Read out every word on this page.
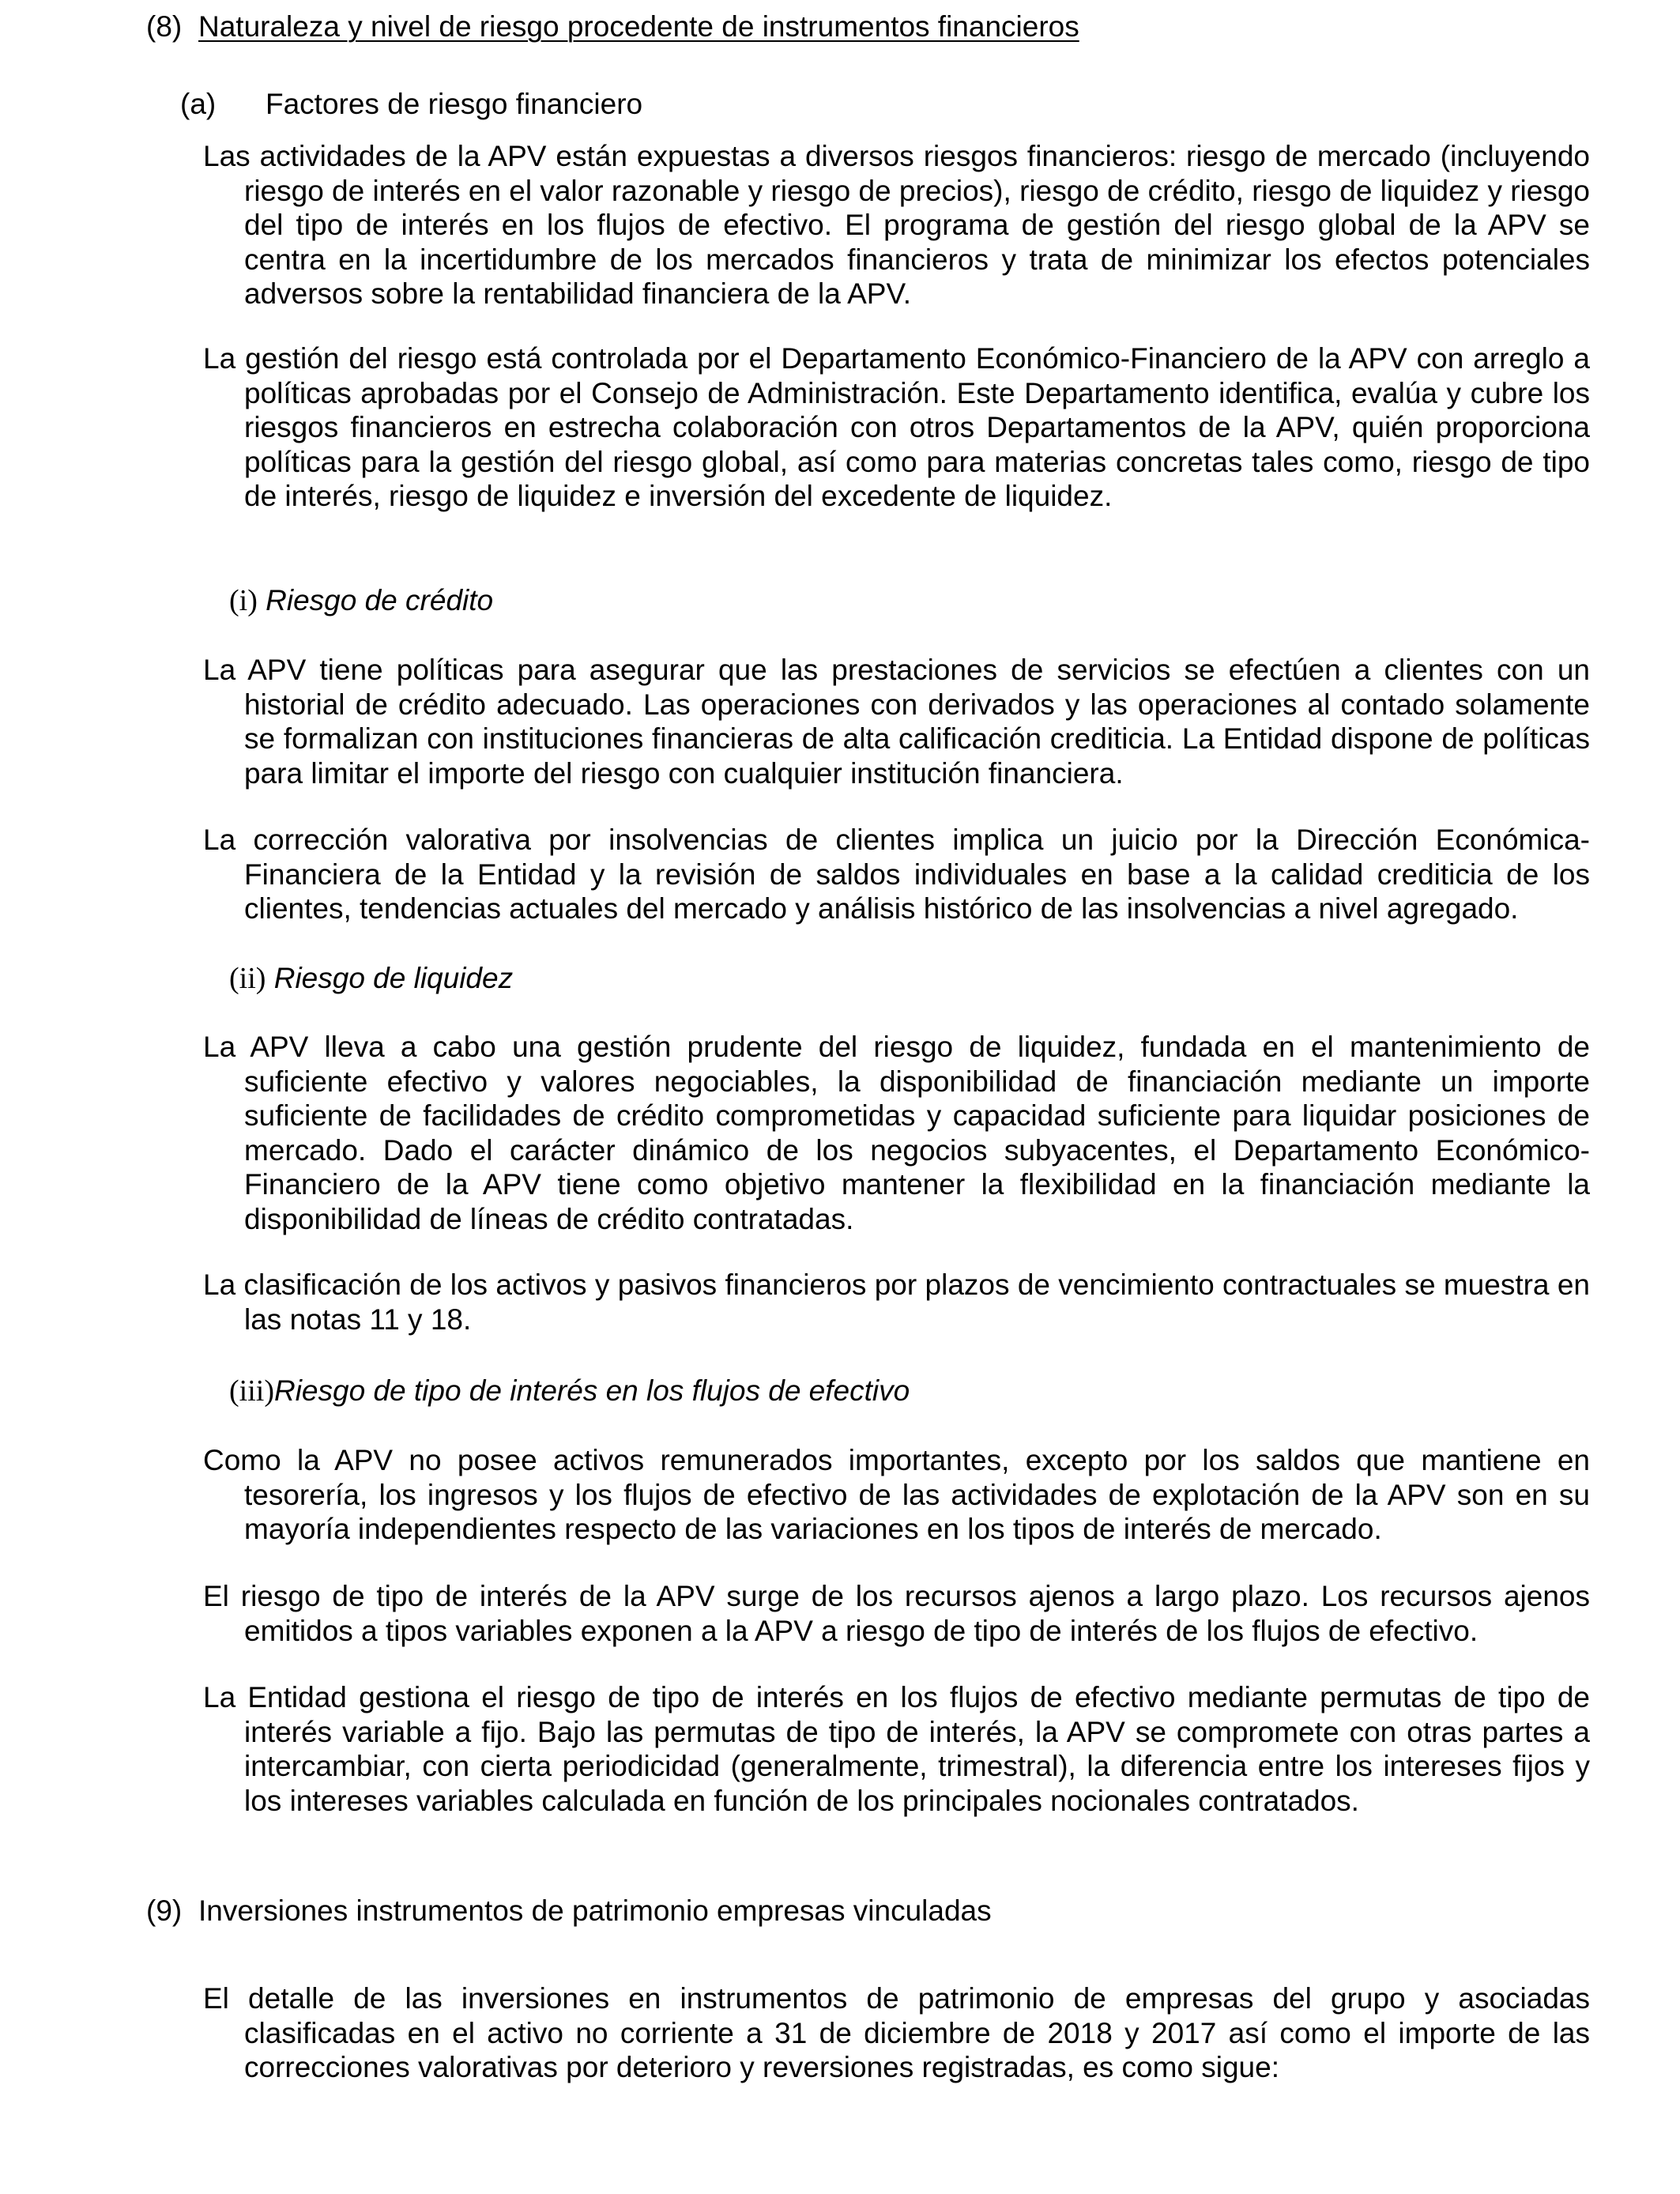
(8) Naturaleza y nivel de riesgo procedente de instrumentos financieros
(a) Factores de riesgo financiero

Las actividades de la APV están expuestas a diversos riesgos financieros: riesgo de mercado (incluyendo riesgo de interés en el valor razonable y riesgo de precios), riesgo de crédito, riesgo de liquidez y riesgo del tipo de interés en los flujos de efectivo. El programa de gestión del riesgo global de la APV se centra en la incertidumbre de los mercados financieros y trata de minimizar los efectos potenciales adversos sobre la rentabilidad financiera de la APV.

La gestión del riesgo está controlada por el Departamento Económico-Financiero de la APV con arreglo a políticas aprobadas por el Consejo de Administración. Este Departamento identifica, evalúa y cubre los riesgos financieros en estrecha colaboración con otros Departamentos de la APV, quién proporciona políticas para la gestión del riesgo global, así como para materias concretas tales como, riesgo de tipo de interés, riesgo de liquidez e inversión del excedente de liquidez.

(i) Riesgo de crédito

La APV tiene políticas para asegurar que las prestaciones de servicios se efectúen a clientes con un historial de crédito adecuado. Las operaciones con derivados y las operaciones al contado solamente se formalizan con instituciones financieras de alta calificación crediticia. La Entidad dispone de políticas para limitar el importe del riesgo con cualquier institución financiera.

La corrección valorativa por insolvencias de clientes implica un juicio por la Dirección Económica-Financiera de la Entidad y la revisión de saldos individuales en base a la calidad crediticia de los clientes, tendencias actuales del mercado y análisis histórico de las insolvencias a nivel agregado.

(ii) Riesgo de liquidez

La APV lleva a cabo una gestión prudente del riesgo de liquidez, fundada en el mantenimiento de suficiente efectivo y valores negociables, la disponibilidad de financiación mediante un importe suficiente de facilidades de crédito comprometidas y capacidad suficiente para liquidar posiciones de mercado. Dado el carácter dinámico de los negocios subyacentes, el Departamento Económico-Financiero de la APV tiene como objetivo mantener la flexibilidad en la financiación mediante la disponibilidad de líneas de crédito contratadas.

La clasificación de los activos y pasivos financieros por plazos de vencimiento contractuales se muestra en las notas 11 y 18.

(iii)Riesgo de tipo de interés en los flujos de efectivo

Como la APV no posee activos remunerados importantes, excepto por los saldos que mantiene en tesorería, los ingresos y los flujos de efectivo de las actividades de explotación de la APV son en su mayoría independientes respecto de las variaciones en los tipos de interés de mercado.

El riesgo de tipo de interés de la APV surge de los recursos ajenos a largo plazo. Los recursos ajenos emitidos a tipos variables exponen a la APV a riesgo de tipo de interés de los flujos de efectivo.

La Entidad gestiona el riesgo de tipo de interés en los flujos de efectivo mediante permutas de tipo de interés variable a fijo. Bajo las permutas de tipo de interés, la APV se compromete con otras partes a intercambiar, con cierta periodicidad (generalmente, trimestral), la diferencia entre los intereses fijos y los intereses variables calculada en función de los principales nocionales contratados.

(9) Inversiones instrumentos de patrimonio empresas vinculadas

El detalle de las inversiones en instrumentos de patrimonio de empresas del grupo y asociadas clasificadas en el activo no corriente a 31 de diciembre de 2018 y 2017 así como el importe de las correcciones valorativas por deterioro y reversiones registradas, es como sigue:
